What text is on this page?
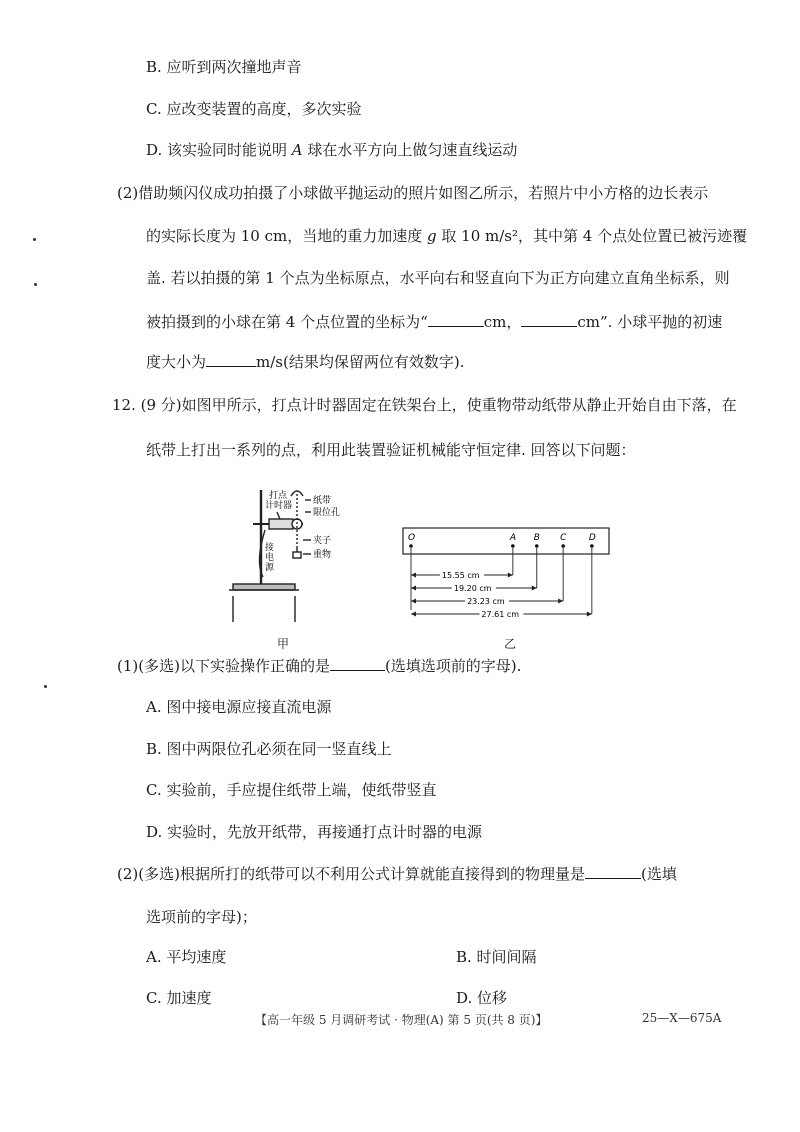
B. 应听到两次撞地声音
C. 应改变装置的高度，多次实验
D. 该实验同时能说明 A 球在水平方向上做匀速直线运动
(2)借助频闪仪成功拍摄了小球做平抛运动的照片如图乙所示，若照片中小方格的边长表示
的实际长度为 10 cm，当地的重力加速度 g 取 10 m/s²，其中第 4 个点处位置已被污迹覆
盖. 若以拍摄的第 1 个点为坐标原点，水平向右和竖直向下为正方向建立直角坐标系，则
被拍摄到的小球在第 4 个点位置的坐标为“	cm，	cm”. 小球平抛的初速
度大小为	m/s(结果均保留两位有效数字).
12. (9 分)如图甲所示，打点计时器固定在铁架台上，使重物带动纸带从静止开始自由下落，在
纸带上打出一系列的点，利用此装置验证机械能守恒定律. 回答以下问题：
打点计时器 纸带
限位孔
夹子
重物
接电源
甲
O	A B C D
15.55 cm
19.20 cm
23.23 cm
27.61 cm
乙
(1)(多选)以下实验操作正确的是	(选填选项前的字母).
A. 图中接电源应接直流电源
B. 图中两限位孔必须在同一竖直线上
C. 实验前，手应提住纸带上端，使纸带竖直
D. 实验时，先放开纸带，再接通打点计时器的电源
(2)(多选)根据所打的纸带可以不利用公式计算就能直接得到的物理量是	(选填
选项前的字母)；
A. 平均速度	B. 时间间隔
C. 加速度	D. 位移
【高一年级 5 月调研考试 · 物理(A) 第 5 页(共 8 页)】	25—X—675A
